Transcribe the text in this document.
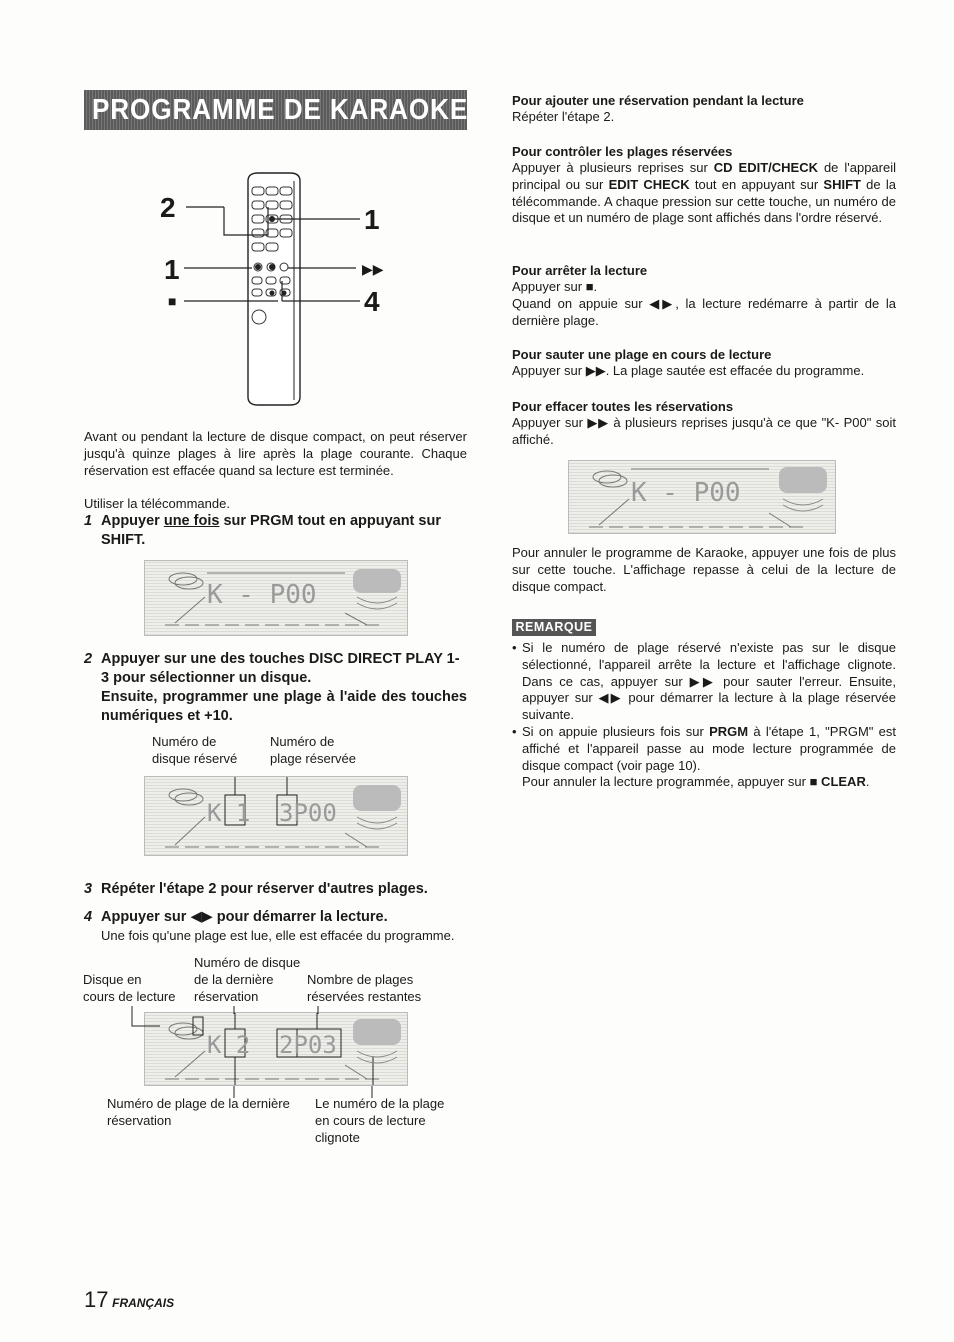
PROGRAMME DE KARAOKE
2	1
1	▶▶
■	4
Avant ou pendant la lecture de disque compact, on peut réserver jusqu'à quinze plages à lire après la plage courante. Chaque réservation est effacée quand sa lecture est terminée.
Utiliser la télécommande.
1 Appuyer une fois sur PRGM tout en appuyant sur SHIFT.
K - P00
2 Appuyer sur une des touches DISC DIRECT PLAY 1-3 pour sélectionner un disque.
Ensuite, programmer une plage à l'aide des touches numériques et +10.
Numéro de
disque réservé
Numéro de
plage réservée
K 1 3P00
3 Répéter l'étape 2 pour réserver d'autres plages.
4 Appuyer sur ◀▶ pour démarrer la lecture.
Une fois qu'une plage est lue, elle est effacée du programme.
Numéro de disque
Disque en
cours de lecture
de la dernière
réservation
Nombre de plages
réservées restantes
K 2 2P03
Numéro de plage de la dernière
réservation
Le numéro de la plage
en cours de lecture
clignote
Pour ajouter une réservation pendant la lecture
Répéter l'étape 2.
Pour contrôler les plages réservées
Appuyer à plusieurs reprises sur CD EDIT/CHECK de l'appareil principal ou sur EDIT CHECK tout en appuyant sur SHIFT de la télécommande. A chaque pression sur cette touche, un numéro de disque et un numéro de plage sont affichés dans l'ordre réservé.
Pour arrêter la lecture
Appuyer sur ■.
Quand on appuie sur ◀▶, la lecture redémarre à partir de la dernière plage.
Pour sauter une plage en cours de lecture
Appuyer sur ▶▶. La plage sautée est effacée du programme.
Pour effacer toutes les réservations
Appuyer sur ▶▶ à plusieurs reprises jusqu'à ce que "K- P00" soit affiché.
K - P00
Pour annuler le programme de Karaoke, appuyer une fois de plus sur cette touche. L'affichage repasse à celui de la lecture de disque compact.
REMARQUE
• Si le numéro de plage réservé n'existe pas sur le disque sélectionné, l'appareil arrête la lecture et l'affichage clignote. Dans ce cas, appuyer sur ▶▶ pour sauter l'erreur. Ensuite, appuyer sur ◀▶ pour démarrer la lecture à la plage réservée suivante.
• Si on appuie plusieurs fois sur PRGM à l'étape 1, "PRGM" est affiché et l'appareil passe au mode lecture programmée de disque compact (voir page 10).
Pour annuler la lecture programmée, appuyer sur ■ CLEAR.
17 FRANÇAIS
